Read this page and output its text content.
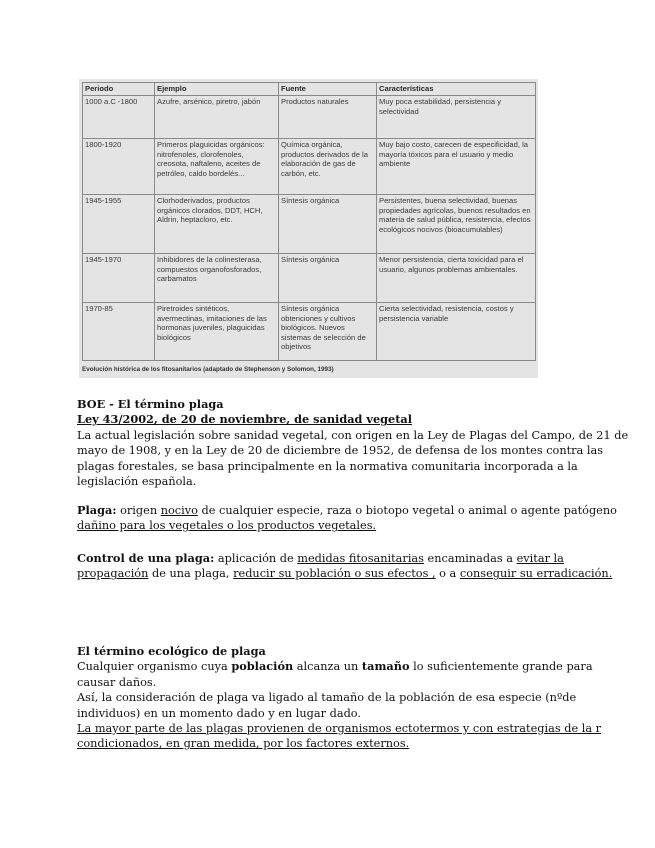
Periodo	Ejemplo	Fuente	Características
1000 a.C -1800	Azufre, arsénico, piretro, jabón	Productos naturales	Muy poca estabilidad, persistencia y selectividad
1800-1920	Primeros plaguicidas orgánicos: nitrofenoles, clorofenoles, creosota, naftaleno, aceites de petróleo, caldo bordelés...	Química orgánica, productos derivados de la elaboración de gas de carbón, etc.	Muy bajo costo, carecen de especificidad, la mayoría tóxicos para el usuario y medio ambiente
1945-1955	Clorhoderivados, productos orgánicos clorados, DDT, HCH, Aldrin, heptacloro, etc.	Síntesis orgánica	Persistentes, buena selectividad, buenas propiedades agrícolas, buenos resultados en materia de salud pública, resistencia, efectos ecológicos nocivos (bioacumulables)
1945-1970	Inhibidores de la colinesterasa, compuestos organofosforados, carbamatos	Síntesis orgánica	Menor persistencia, cierta toxicidad para el usuario, algunos problemas ambientales.
1970-85	Piretroides sintéticos, avermectinas, imitaciones de las hormonas juveniles, plaguicidas biológicos	Síntesis orgánica obtenciones y cultivos biológicos. Nuevos sistemas de selección de objetivos	Cierta selectividad, resistencia, costos y persistencia variable
Evolución histórica de los fitosanitarios (adaptado de Stephenson y Solomon, 1993)
BOE - El término plaga
Ley 43/2002, de 20 de noviembre, de sanidad vegetal
La actual legislación sobre sanidad vegetal, con origen en la Ley de Plagas del Campo, de 21 de
mayo de 1908, y en la Ley de 20 de diciembre de 1952, de defensa de los montes contra las
plagas forestales, se basa principalmente en la normativa comunitaria incorporada a la
legislación española.
Plaga: origen nocivo de cualquier especie, raza o biotopo vegetal o animal o agente patógeno
dañino para los vegetales o los productos vegetales.
Control de una plaga: aplicación de medidas fitosanitarias encaminadas a evitar la
propagación de una plaga, reducir su población o sus efectos , o a conseguir su erradicación.
El término ecológico de plaga
Cualquier organismo cuya población alcanza un tamaño lo suficientemente grande para
causar daños.
Así, la consideración de plaga va ligado al tamaño de la población de esa especie (nºde
individuos) en un momento dado y en lugar dado.
La mayor parte de las plagas provienen de organismos ectotermos y con estrategias de la r
condicionados, en gran medida, por los factores externos.
